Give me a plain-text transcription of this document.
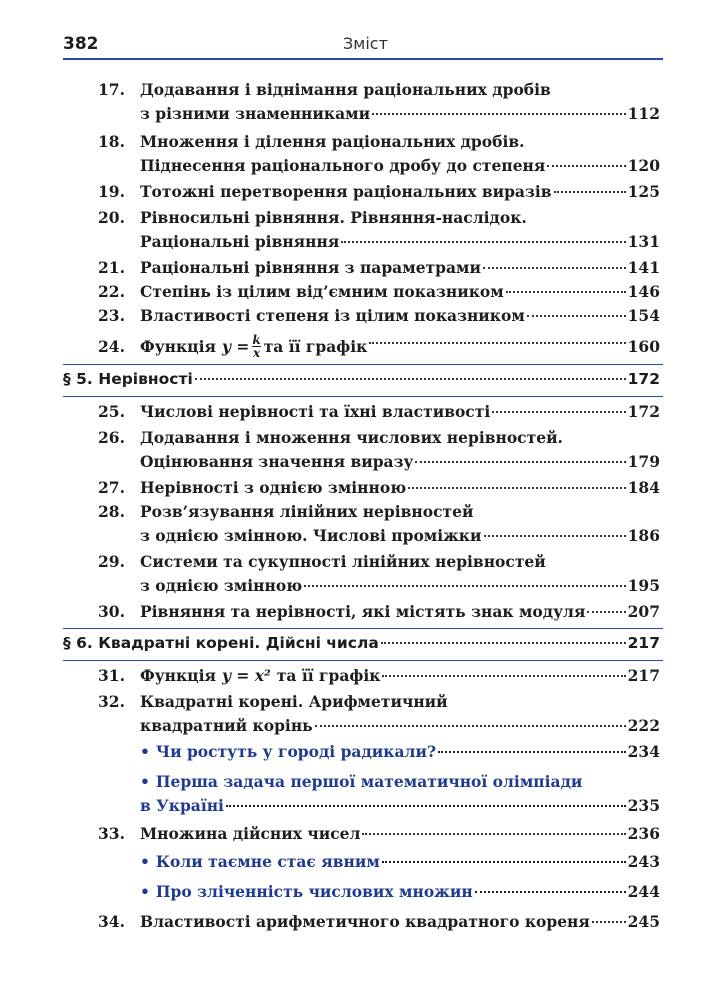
382	Зміст
17. Додавання і віднімання раціональних дробів
з різними знаменниками	112
18. Множення і ділення раціональних дробів.
Піднесення раціонального дробу до степеня	120
19. Тотожні перетворення раціональних виразів	125
20. Рівносильні рівняння. Рівняння-наслідок.
Раціональні рівняння	131
21. Раціональні рівняння з параметрами	141
22. Степінь із цілим від’ємним показником	146
23. Властивості степеня із цілим показником	154
24. Функція $y = \frac{k}{x}$ та її графік	160
§ 5. Нерівності	172
25. Числові нерівності та їхні властивості	172
26. Додавання і множення числових нерівностей.
Оцінювання значення виразу	179
27. Нерівності з однією змінною	184
28. Розв’язування лінійних нерівностей
з однією змінною. Числові проміжки	186
29. Системи та сукупності лінійних нерівностей
з однією змінною	195
30. Рівняння та нерівності, які містять знак модуля	207
§ 6. Квадратні корені. Дійсні числа	217
31. Функція y = x² та її графік	217
32. Квадратні корені. Арифметичний
квадратний корінь	222
• Чи ростуть у городі радикали?	234
• Перша задача першої математичної олімпіади
в Україні	235
33. Множина дійсних чисел	236
• Коли таємне стає явним	243
• Про зліченність числових множин	244
34. Властивості арифметичного квадратного кореня 245
